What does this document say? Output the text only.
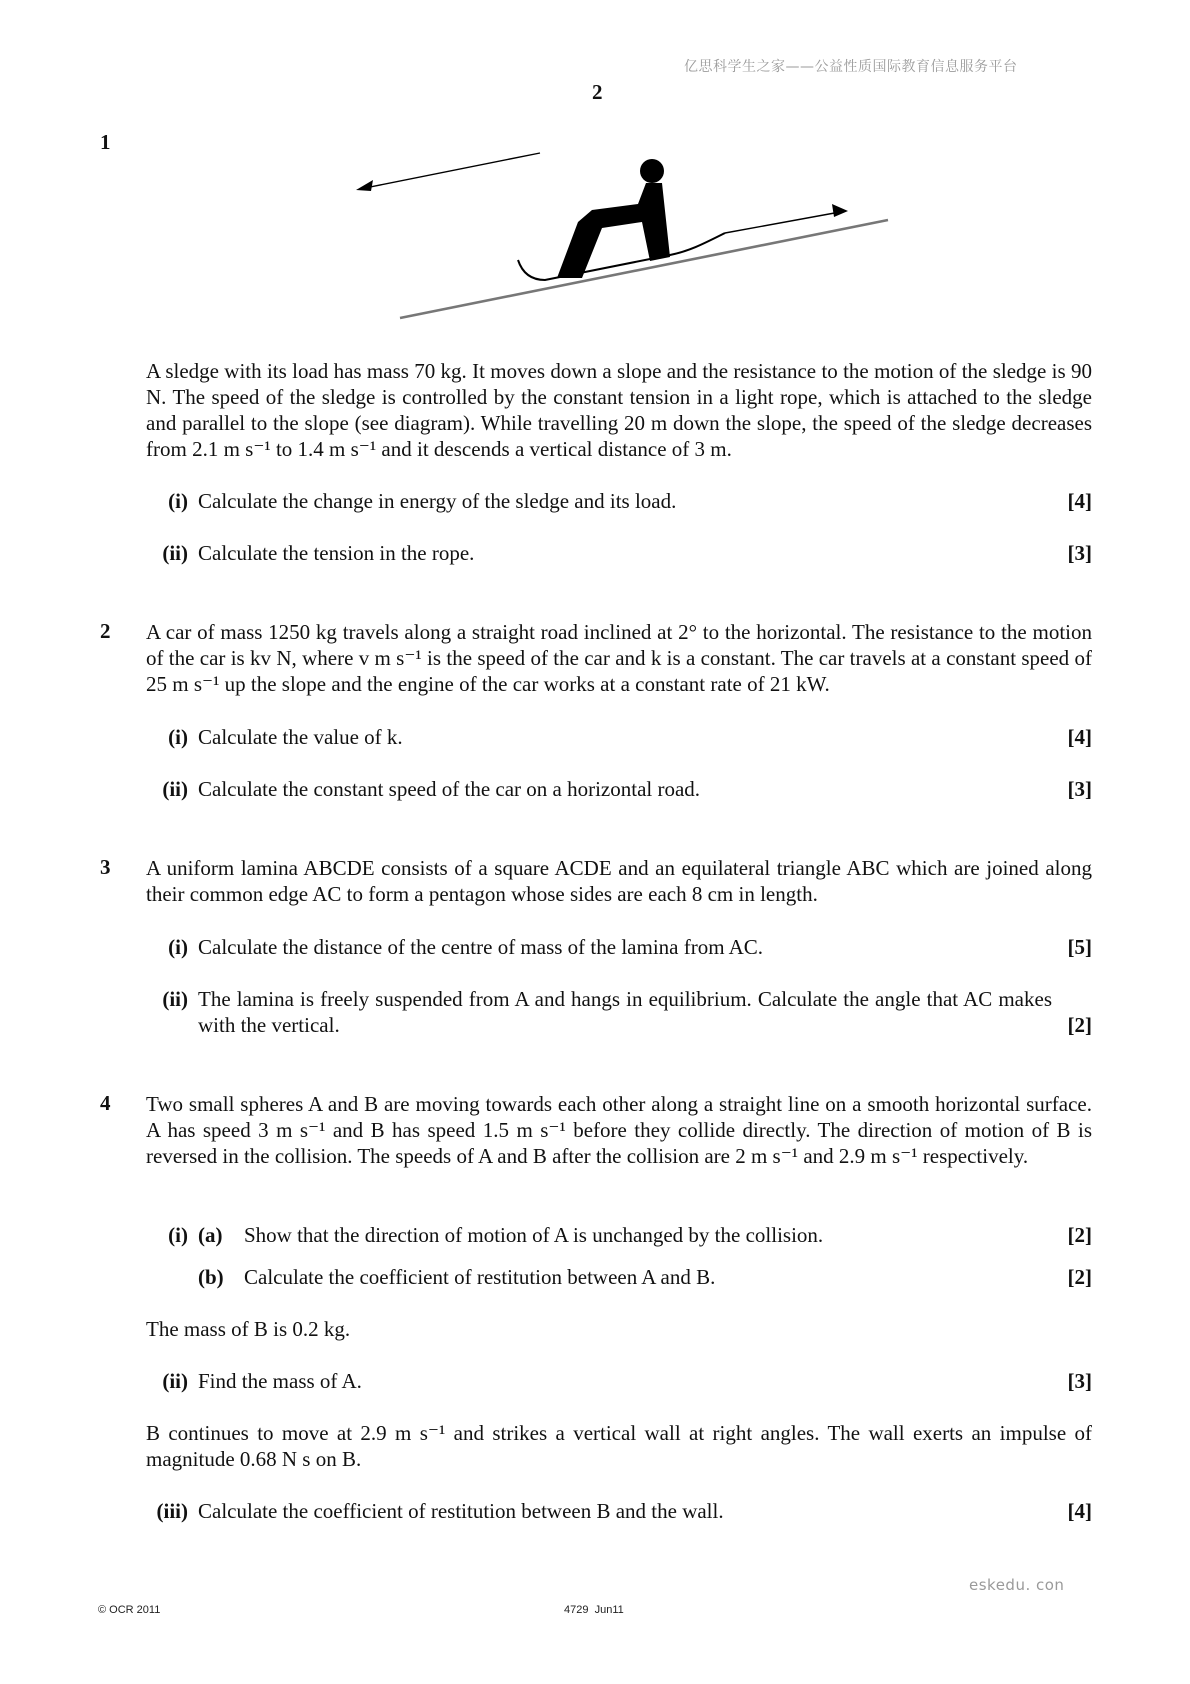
亿思科学生之家——公益性质国际教育信息服务平台
2
1
A sledge with its load has mass 70 kg. It moves down a slope and the resistance to the motion of the sledge is 90 N. The speed of the sledge is controlled by the constant tension in a light rope, which is attached to the sledge and parallel to the slope (see diagram). While travelling 20 m down the slope, the speed of the sledge decreases from 2.1 m s⁻¹ to 1.4 m s⁻¹ and it descends a vertical distance of 3 m.
(i) Calculate the change in energy of the sledge and its load.	[4]
(ii) Calculate the tension in the rope.	[3]
2 A car of mass 1250 kg travels along a straight road inclined at 2° to the horizontal. The resistance to the motion of the car is kv N, where v m s⁻¹ is the speed of the car and k is a constant. The car travels at a constant speed of 25 m s⁻¹ up the slope and the engine of the car works at a constant rate of 21 kW.
(i) Calculate the value of k.	[4]
(ii) Calculate the constant speed of the car on a horizontal road.	[3]
3 A uniform lamina ABCDE consists of a square ACDE and an equilateral triangle ABC which are joined along their common edge AC to form a pentagon whose sides are each 8 cm in length.
(i) Calculate the distance of the centre of mass of the lamina from AC.	[5]
(ii) The lamina is freely suspended from A and hangs in equilibrium. Calculate the angle that AC makes with the vertical.	[2]
4 Two small spheres A and B are moving towards each other along a straight line on a smooth horizontal surface. A has speed 3 m s⁻¹ and B has speed 1.5 m s⁻¹ before they collide directly. The direction of motion of B is reversed in the collision. The speeds of A and B after the collision are 2 m s⁻¹ and 2.9 m s⁻¹ respectively.
(i) (a)	Show that the direction of motion of A is unchanged by the collision.	[2]
(b) Calculate the coefficient of restitution between A and B.	[2]
The mass of B is 0.2 kg.
(ii) Find the mass of A.	[3]
B continues to move at 2.9 m s⁻¹ and strikes a vertical wall at right angles. The wall exerts an impulse of magnitude 0.68 N s on B.
(iii) Calculate the coefficient of restitution between B and the wall.	[4]
eskedu. con
© OCR 2011	4729  Jun11
